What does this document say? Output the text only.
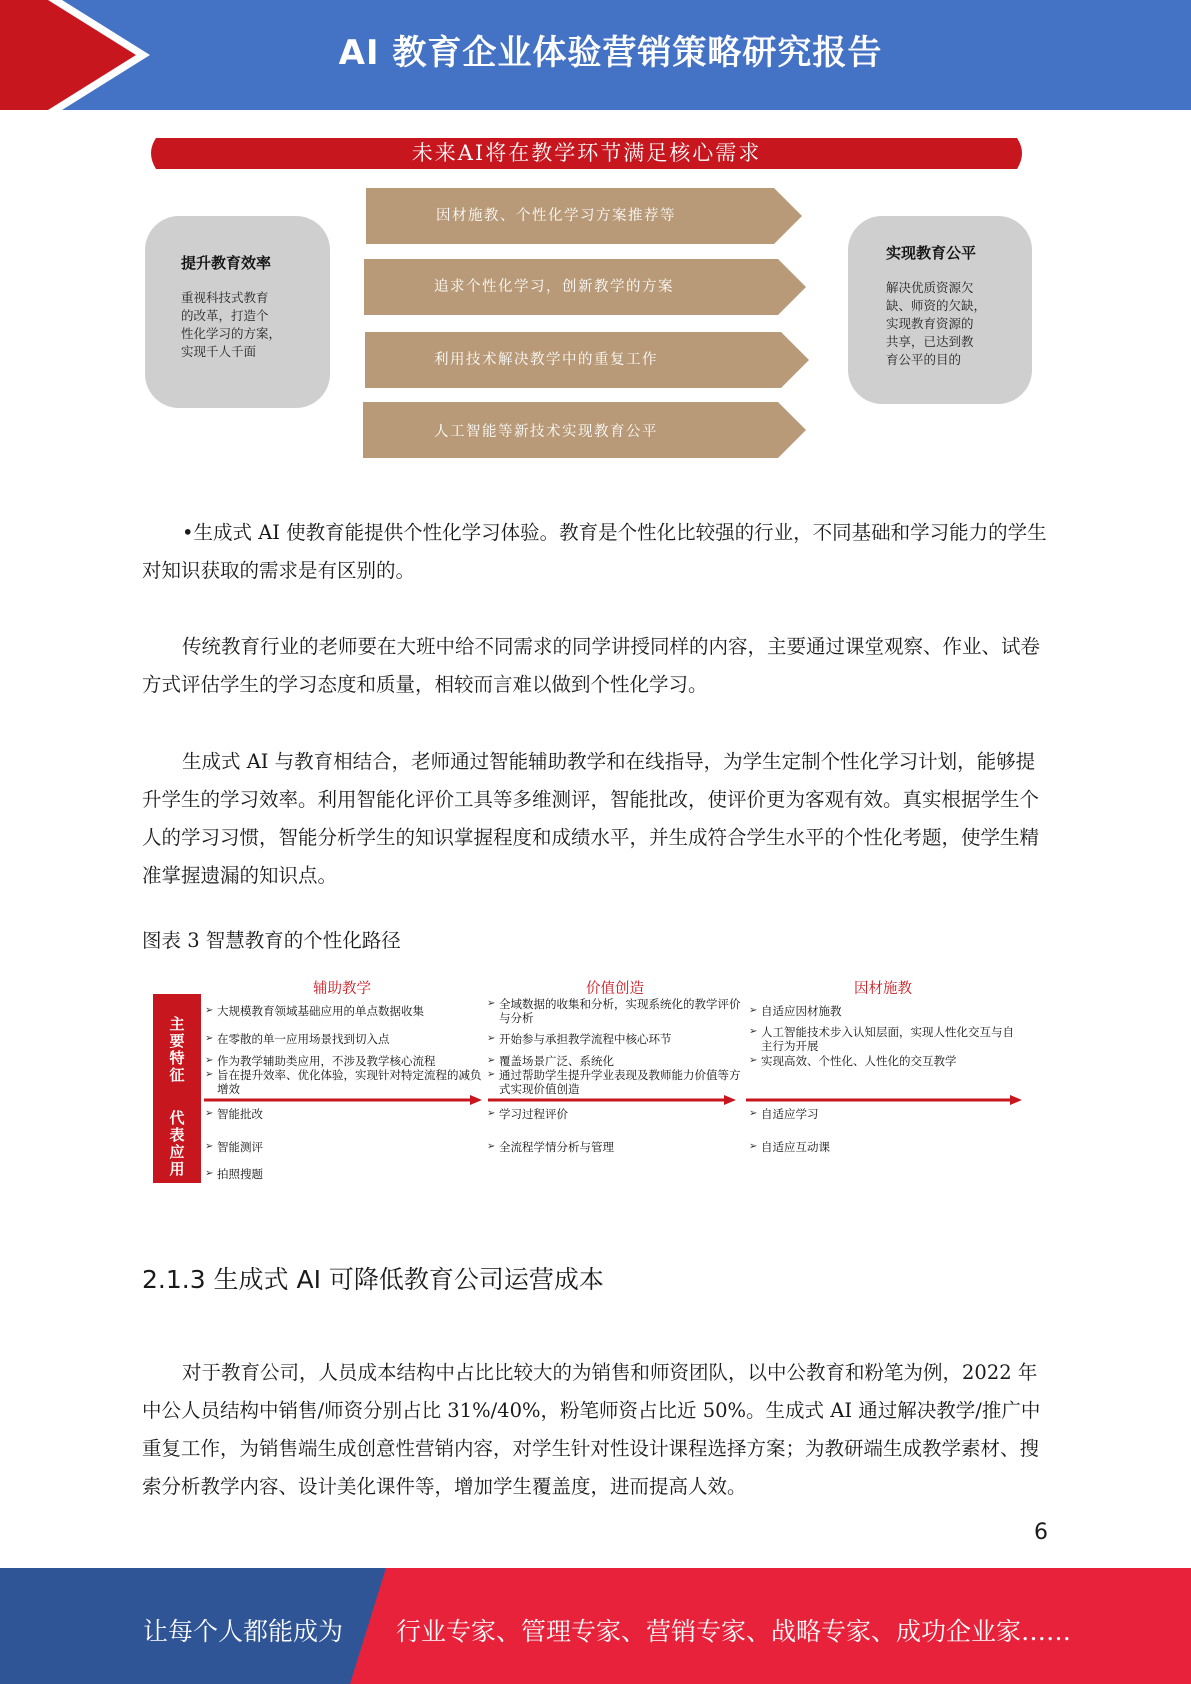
AI 教育企业体验营销策略研究报告
未来AI将在教学环节满足核心需求
提升教育效率
重视科技式教育
的改革，打造个
性化学习的方案，
实现千人千面
实现教育公平
解决优质资源欠
缺、师资的欠缺，
实现教育资源的
共享，已达到教
育公平的目的
因材施教、个性化学习方案推荐等
追求个性化学习，创新教学的方案
利用技术解决教学中的重复工作
人工智能等新技术实现教育公平

•生成式 AI 使教育能提供个性化学习体验。教育是个性化比较强的行业，不同基础和学习能力的学生对知识获取的需求是有区别的。

传统教育行业的老师要在大班中给不同需求的同学讲授同样的内容，主要通过课堂观察、作业、试卷方式评估学生的学习态度和质量，相较而言难以做到个性化学习。

生成式 AI 与教育相结合，老师通过智能辅助教学和在线指导，为学生定制个性化学习计划，能够提升学生的学习效率。利用智能化评价工具等多维测评，智能批改，使评价更为客观有效。真实根据学生个人的学习习惯，智能分析学生的知识掌握程度和成绩水平，并生成符合学生水平的个性化考题，使学生精准掌握遗漏的知识点。

图表 3 智慧教育的个性化路径
主要特征
代表应用
辅助教学	价值创造	因材施教
➢ 大规模教育领域基础应用的单点数据收集
➢ 在零散的单一应用场景找到切入点
➢ 作为教学辅助类应用，不涉及教学核心流程
➢ 旨在提升效率、优化体验，实现针对特定流程的减负增效
➢ 全域数据的收集和分析，实现系统化的教学评价与分析
➢ 开始参与承担教学流程中核心环节
➢ 覆盖场景广泛、系统化
➢ 通过帮助学生提升学业表现及教师能力价值等方式实现价值创造
➢ 自适应因材施教
➢ 人工智能技术步入认知层面，实现人性化交互与自主行为开展
➢ 实现高效、个性化、人性化的交互教学
➢ 智能批改
➢ 智能测评
➢ 拍照搜题
➢ 学习过程评价
➢ 全流程学情分析与管理
➢ 自适应学习
➢ 自适应互动课
2.1.3 生成式 AI 可降低教育公司运营成本

对于教育公司，人员成本结构中占比比较大的为销售和师资团队，以中公教育和粉笔为例，2022 年中公人员结构中销售/师资分别占比 31%/40%，粉笔师资占比近 50%。生成式 AI 通过解决教学/推广中重复工作，为销售端生成创意性营销内容，对学生针对性设计课程选择方案；为教研端生成教学素材、搜索分析教学内容、设计美化课件等，增加学生覆盖度，进而提高人效。

6
让每个人都能成为 行业专家、管理专家、营销专家、战略专家、成功企业家……
